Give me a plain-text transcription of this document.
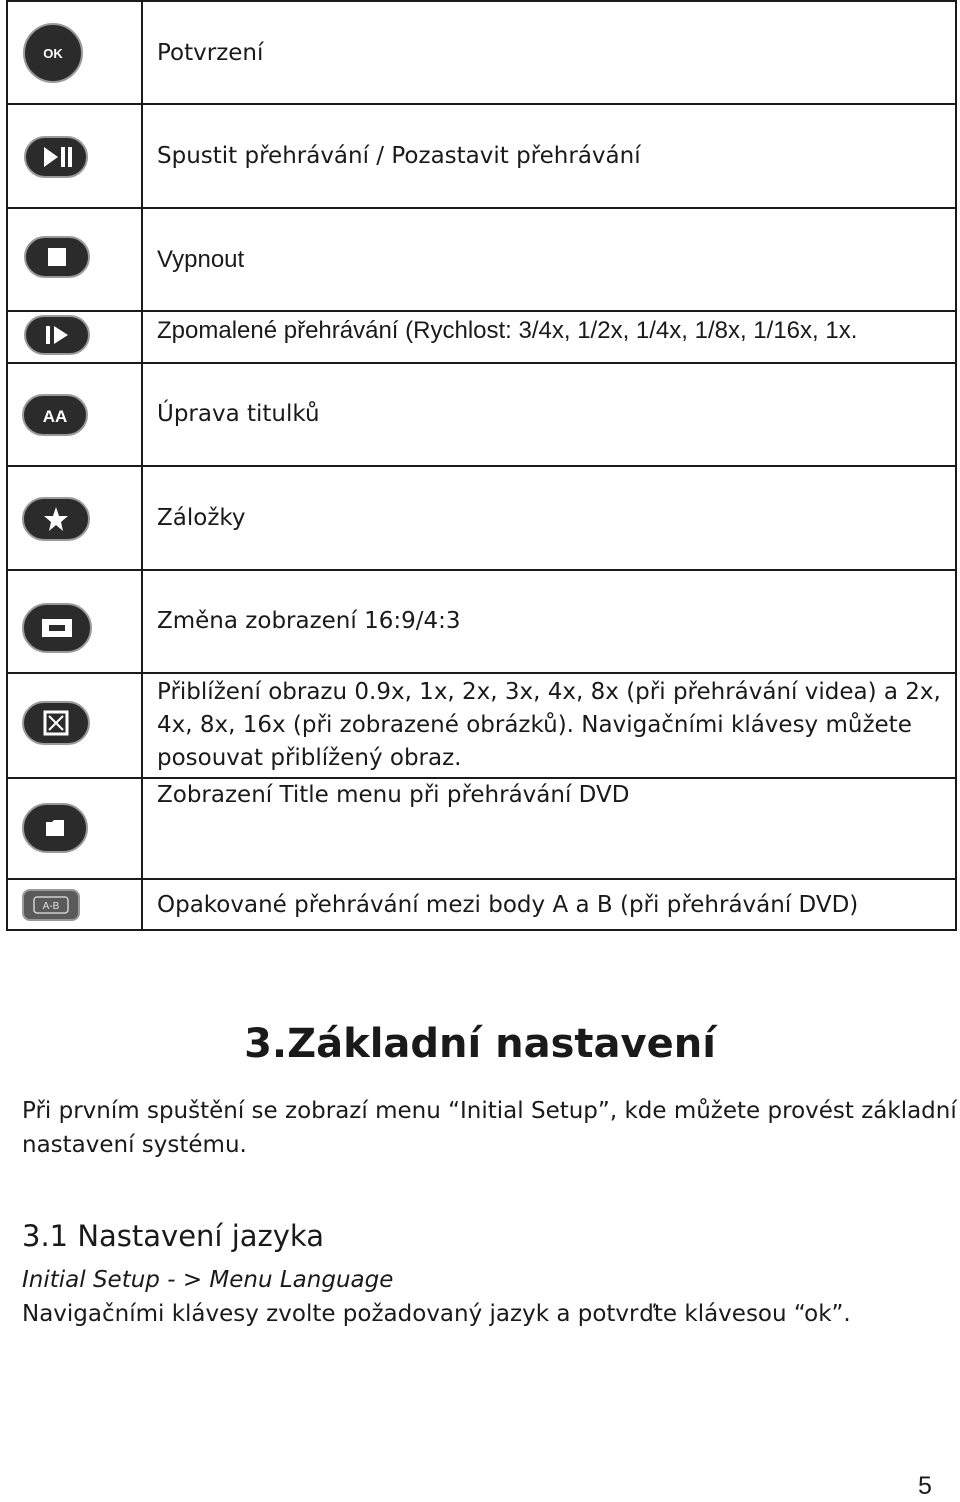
OK	Potvrzení
Spustit přehrávání / Pozastavit přehrávání
Vypnout
Zpomalené přehrávání (Rychlost: 3/4x, 1/2x, 1/4x, 1/8x, 1/16x, 1x.
AA	Úprava titulků
Záložky
Změna zobrazení 16:9/4:3
Přiblížení obrazu 0.9x, 1x, 2x, 3x, 4x, 8x (při přehrávání videa) a 2x, 4x, 8x, 16x (při zobrazené obrázků). Navigačními klávesy můžete posouvat přiblížený obraz.
Zobrazení Title menu při přehrávání DVD
A-B	Opakované přehrávání mezi body A a B (při přehrávání DVD)
3.Základní nastavení
Při prvním spuštění se zobrazí menu “Initial Setup”, kde můžete provést základní
nastavení systému.
3.1 Nastavení jazyka
Initial Setup - > Menu Language
Navigačními klávesy zvolte požadovaný jazyk a potvrďte klávesou “ok”.
5
